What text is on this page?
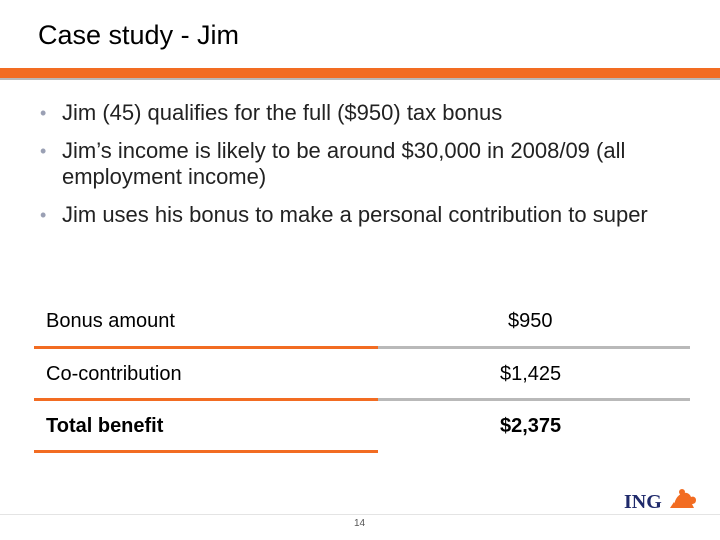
Case study - Jim
• Jim (45) qualifies for the full ($950) tax bonus
• Jim’s income is likely to be around $30,000 in 2008/09 (all employment income)
• Jim uses his bonus to make a personal contribution to super
Bonus amount	$950
Co-contribution	$1,425
Total benefit	$2,375
14
ING
